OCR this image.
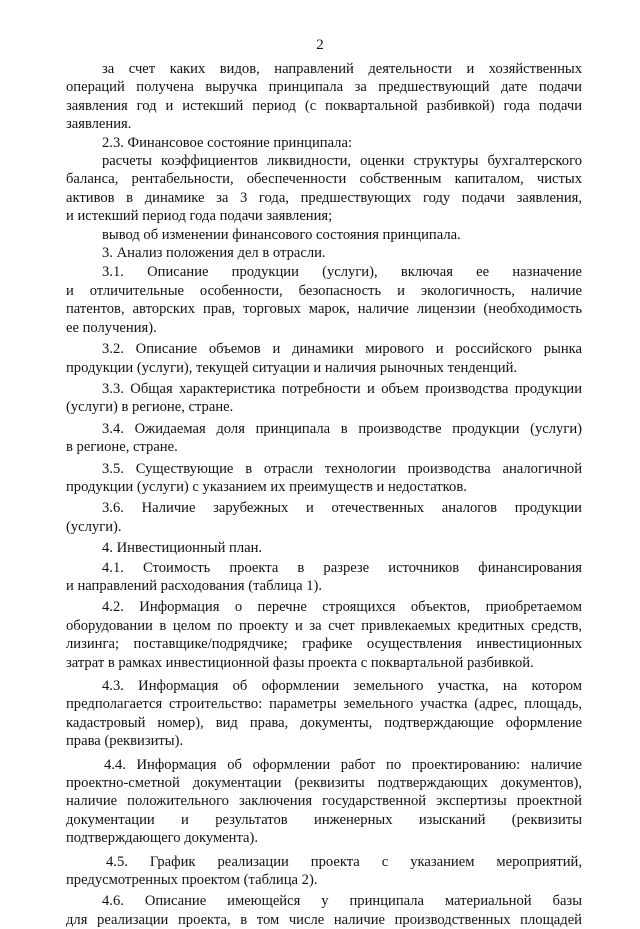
2

за счет каких видов, направлений деятельности и хозяйственных
операций получена выручка принципала за предшествующий дате подачи
заявления год и истекший период (с поквартальной разбивкой) года подачи
заявления.

2.3. Финансовое состояние принципала:

расчеты коэффициентов ликвидности, оценки структуры бухгалтерского
баланса, рентабельности, обеспеченности собственным капиталом, чистых
активов в динамике за 3 года, предшествующих году подачи заявления,
и истекший период года подачи заявления;

вывод об изменении финансового состояния принципала.

3. Анализ положения дел в отрасли.

3.1. Описание продукции (услуги), включая ее назначение
и отличительные особенности, безопасность и экологичность, наличие
патентов, авторских прав, торговых марок, наличие лицензии (необходимость
ее получения).

3.2. Описание объемов и динамики мирового и российского рынка
продукции (услуги), текущей ситуации и наличия рыночных тенденций.

3.3. Общая характеристика потребности и объем производства продукции
(услуги) в регионе, стране.

3.4. Ожидаемая доля принципала в производстве продукции (услуги)
в регионе, стране.

3.5. Существующие в отрасли технологии производства аналогичной
продукции (услуги) с указанием их преимуществ и недостатков.

3.6. Наличие зарубежных и отечественных аналогов продукции
(услуги).

4. Инвестиционный план.

4.1. Стоимость проекта в разрезе источников финансирования
и направлений расходования (таблица 1).

4.2. Информация о перечне строящихся объектов, приобретаемом
оборудовании в целом по проекту и за счет привлекаемых кредитных средств,
лизинга; поставщике/подрядчике; графике осуществления инвестиционных
затрат в рамках инвестиционной фазы проекта с поквартальной разбивкой.

4.3. Информация об оформлении земельного участка, на котором
предполагается строительство: параметры земельного участка (адрес, площадь,
кадастровый номер), вид права, документы, подтверждающие оформление
права (реквизиты).

4.4. Информация об оформлении работ по проектированию: наличие
проектно-сметной документации (реквизиты подтверждающих документов),
наличие положительного заключения государственной экспертизы проектной
документации и результатов инженерных изысканий (реквизиты
подтверждающего документа).

4.5. График реализации проекта с указанием мероприятий,
предусмотренных проектом (таблица 2).

4.6. Описание имеющейся у принципала материальной базы
для реализации проекта, в том числе наличие производственных площадей
